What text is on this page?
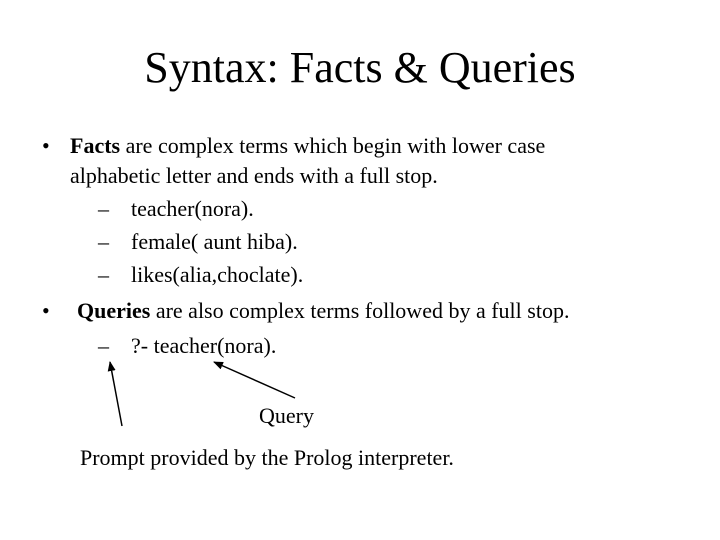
Syntax: Facts & Queries
• Facts are complex terms which begin with lower case
alphabetic letter and ends with a full stop.
– teacher(nora).
– female( aunt hiba).
– likes(alia,choclate).
• Queries are also complex terms followed by a full stop.
– ?- teacher(nora).
Query
Prompt provided by the Prolog interpreter.
